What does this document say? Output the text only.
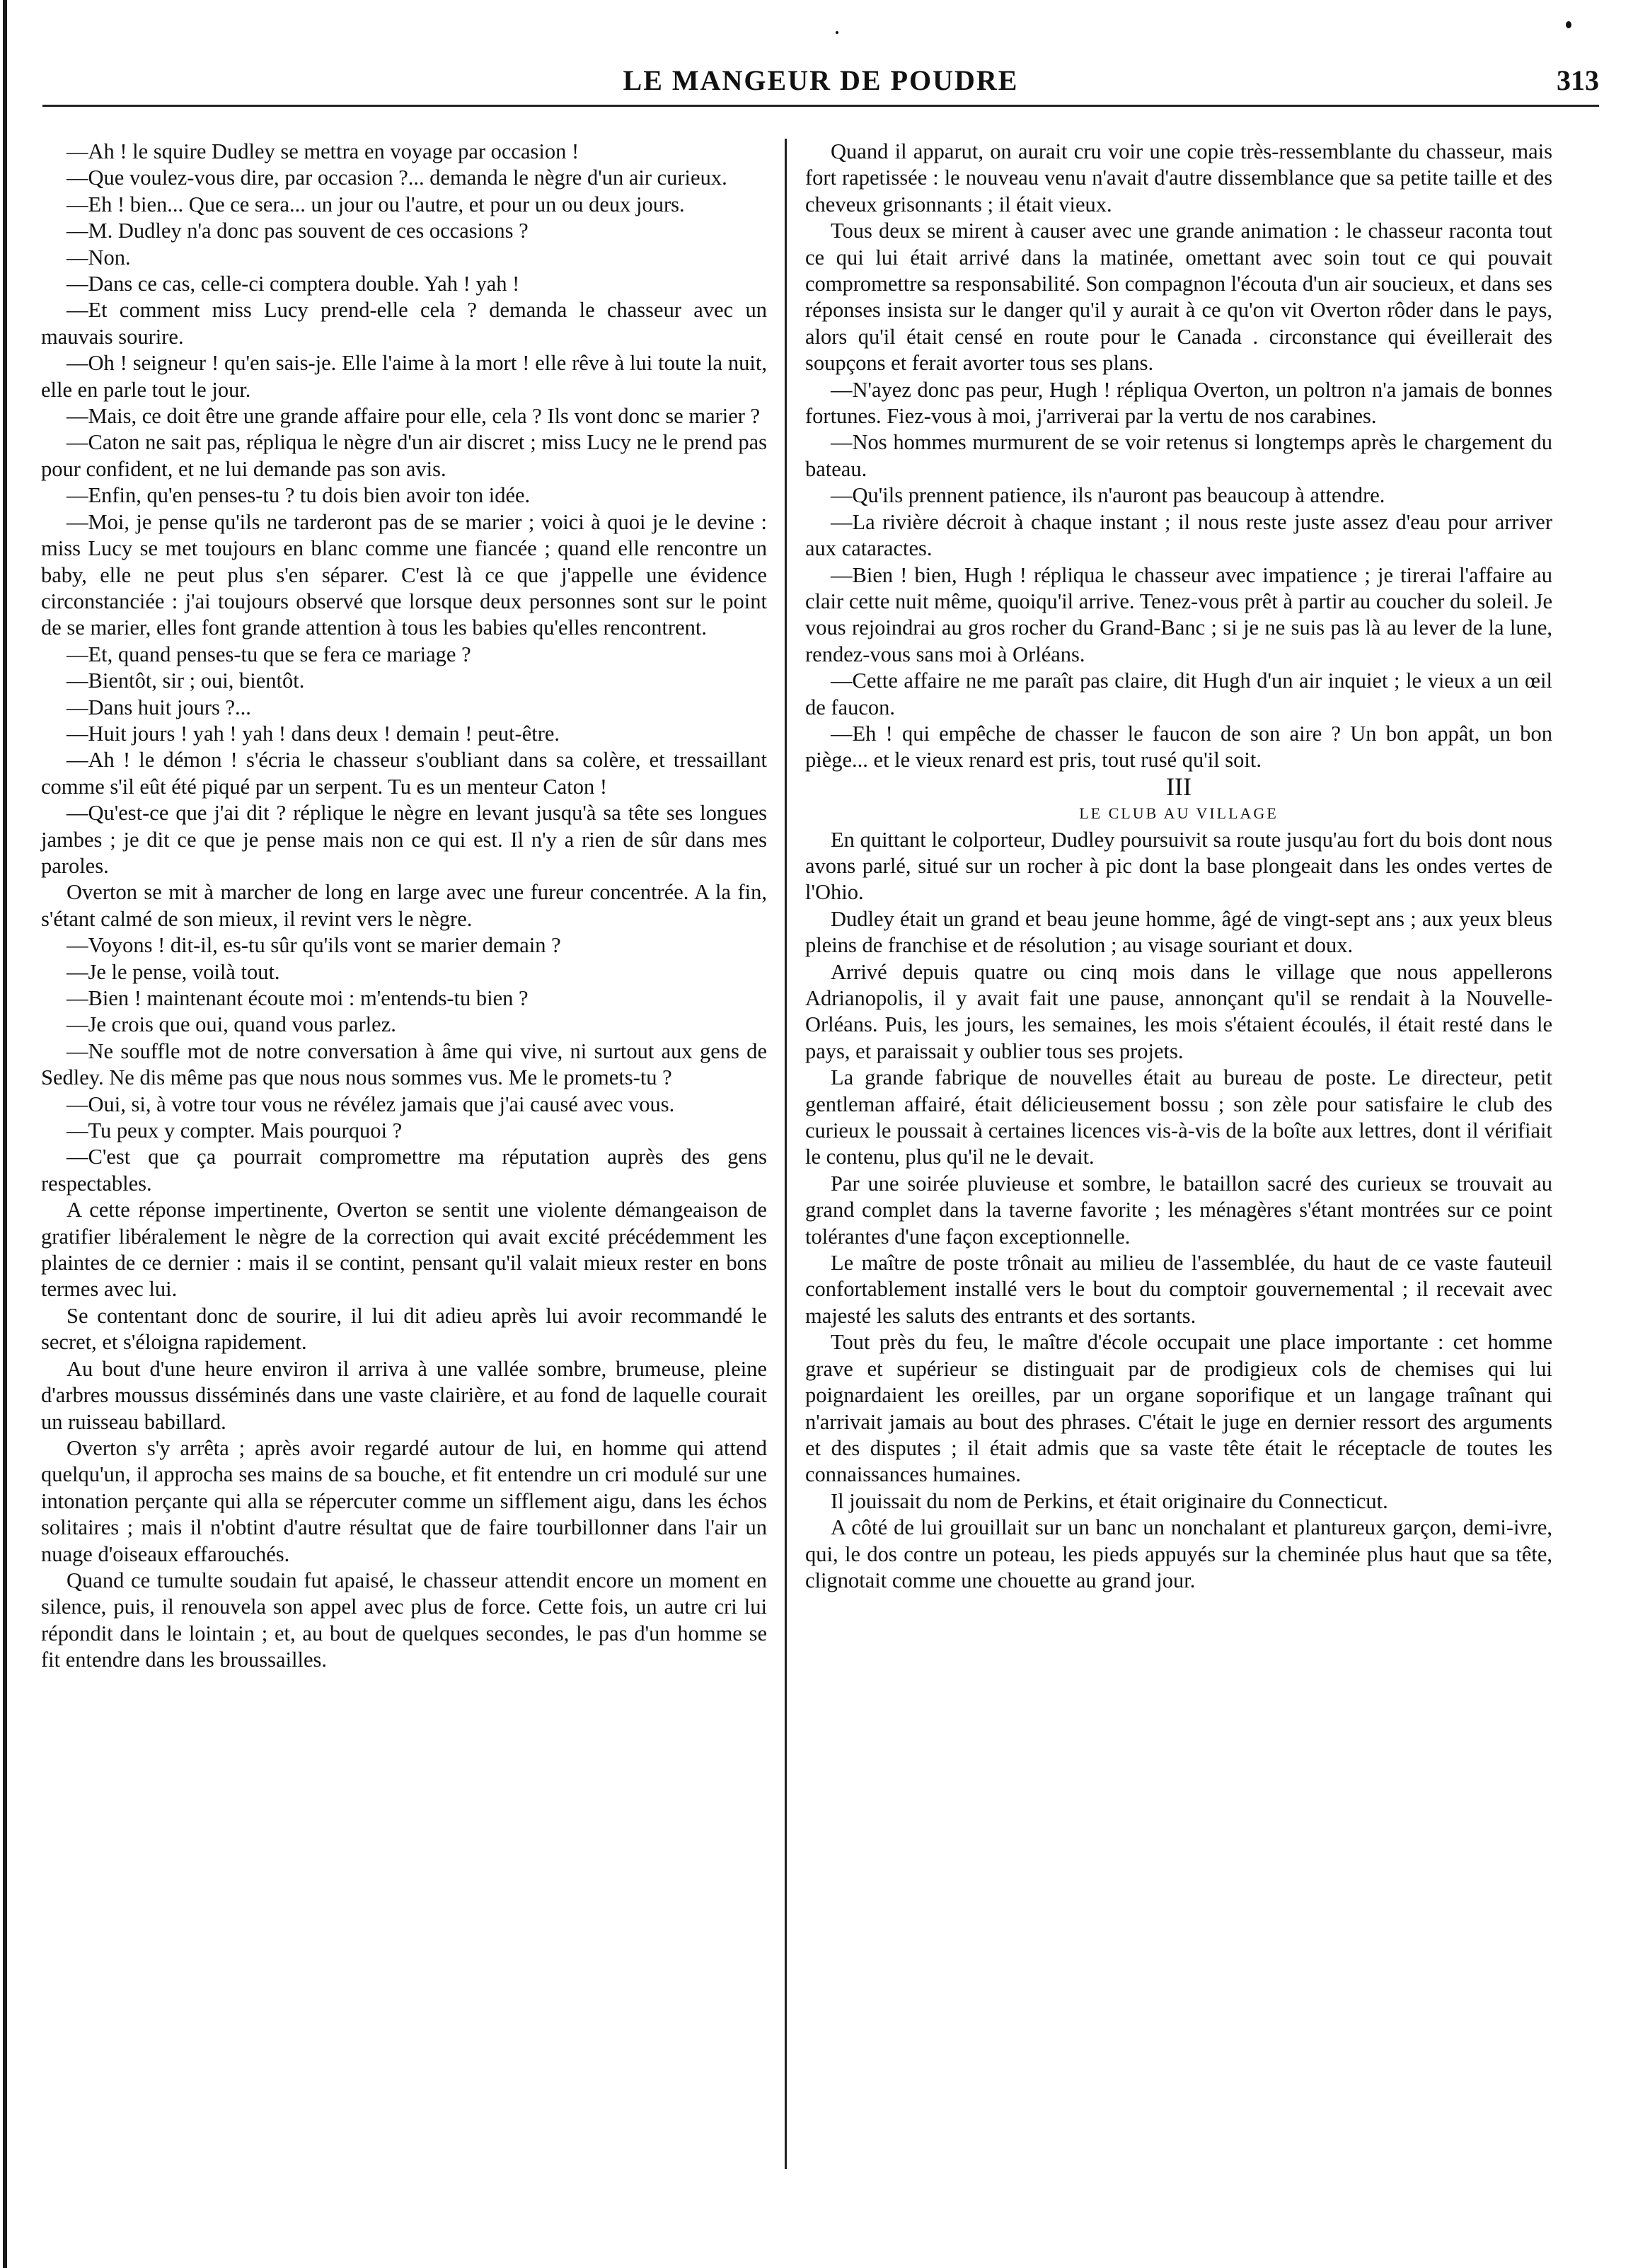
LE MANGEUR DE POUDRE	313

—Ah ! le squire Dudley se mettra en voyage par occasion !

—Que voulez-vous dire, par occasion ?... demanda le nègre d'un air curieux.

—Eh ! bien... Que ce sera... un jour ou l'autre, et pour un ou deux jours.

—M. Dudley n'a donc pas souvent de ces occasions ?

—Non.

—Dans ce cas, celle-ci comptera double. Yah ! yah !

—Et comment miss Lucy prend-elle cela ? demanda le chasseur avec un mauvais sourire.

—Oh ! seigneur ! qu'en sais-je. Elle l'aime à la mort ! elle rêve à lui toute la nuit, elle en parle tout le jour.

—Mais, ce doit être une grande affaire pour elle, cela ? Ils vont donc se marier ?

—Caton ne sait pas, répliqua le nègre d'un air discret ; miss Lucy ne le prend pas pour confident, et ne lui demande pas son avis.

—Enfin, qu'en penses-tu ? tu dois bien avoir ton idée.

—Moi, je pense qu'ils ne tarderont pas de se marier ; voici à quoi je le devine : miss Lucy se met toujours en blanc comme une fiancée ; quand elle rencontre un baby, elle ne peut plus s'en séparer. C'est là ce que j'appelle une évidence circonstanciée : j'ai toujours observé que lorsque deux personnes sont sur le point de se marier, elles font grande attention à tous les babies qu'elles rencontrent.

—Et, quand penses-tu que se fera ce mariage ?

—Bientôt, sir ; oui, bientôt.

—Dans huit jours ?...

—Huit jours ! yah ! yah ! dans deux ! demain ! peut-être.

—Ah ! le démon ! s'écria le chasseur s'oubliant dans sa colère, et tressaillant comme s'il eût été piqué par un serpent. Tu es un menteur Caton !

—Qu'est-ce que j'ai dit ? réplique le nègre en levant jusqu'à sa tête ses longues jambes ; je dit ce que je pense mais non ce qui est. Il n'y a rien de sûr dans mes paroles.

Overton se mit à marcher de long en large avec une fureur concentrée. A la fin, s'étant calmé de son mieux, il revint vers le nègre.

—Voyons ! dit-il, es-tu sûr qu'ils vont se marier demain ?

—Je le pense, voilà tout.

—Bien ! maintenant écoute moi : m'entends-tu bien ?

—Je crois que oui, quand vous parlez.

—Ne souffle mot de notre conversation à âme qui vive, ni surtout aux gens de Sedley. Ne dis même pas que nous nous sommes vus. Me le promets-tu ?

—Oui, si, à votre tour vous ne révélez jamais que j'ai causé avec vous.

—Tu peux y compter. Mais pourquoi ?

—C'est que ça pourrait compromettre ma réputation auprès des gens respectables.

A cette réponse impertinente, Overton se sentit une violente démangeaison de gratifier libéralement le nègre de la correction qui avait excité précédemment les plaintes de ce dernier : mais il se contint, pensant qu'il valait mieux rester en bons termes avec lui.

Se contentant donc de sourire, il lui dit adieu après lui avoir recommandé le secret, et s'éloigna rapidement.

Au bout d'une heure environ il arriva à une vallée sombre, brumeuse, pleine d'arbres moussus disséminés dans une vaste clairière, et au fond de laquelle courait un ruisseau babillard.

Overton s'y arrêta ; après avoir regardé autour de lui, en homme qui attend quelqu'un, il approcha ses mains de sa bouche, et fit entendre un cri modulé sur une intonation perçante qui alla se répercuter comme un sifflement aigu, dans les échos solitaires ; mais il n'obtint d'autre résultat que de faire tourbillonner dans l'air un nuage d'oiseaux effarouchés.

Quand ce tumulte soudain fut apaisé, le chasseur attendit encore un moment en silence, puis, il renouvela son appel avec plus de force. Cette fois, un autre cri lui répondit dans le lointain ; et, au bout de quelques secondes, le pas d'un homme se fit entendre dans les broussailles.

Quand il apparut, on aurait cru voir une copie très-ressemblante du chasseur, mais fort rapetissée : le nouveau venu n'avait d'autre dissemblance que sa petite taille et des cheveux grisonnants ; il était vieux.

Tous deux se mirent à causer avec une grande animation : le chasseur raconta tout ce qui lui était arrivé dans la matinée, omettant avec soin tout ce qui pouvait compromettre sa responsabilité. Son compagnon l'écouta d'un air soucieux, et dans ses réponses insista sur le danger qu'il y aurait à ce qu'on vit Overton rôder dans le pays, alors qu'il était censé en route pour le Canada . circonstance qui éveillerait des soupçons et ferait avorter tous ses plans.

—N'ayez donc pas peur, Hugh ! répliqua Overton, un poltron n'a jamais de bonnes fortunes. Fiez-vous à moi, j'arriverai par la vertu de nos carabines.

—Nos hommes murmurent de se voir retenus si longtemps après le chargement du bateau.

—Qu'ils prennent patience, ils n'auront pas beaucoup à attendre.

—La rivière décroit à chaque instant ; il nous reste juste assez d'eau pour arriver aux cataractes.

—Bien ! bien, Hugh ! répliqua le chasseur avec impatience ; je tirerai l'affaire au clair cette nuit même, quoiqu'il arrive. Tenez-vous prêt à partir au coucher du soleil. Je vous rejoindrai au gros rocher du Grand-Banc ; si je ne suis pas là au lever de la lune, rendez-vous sans moi à Orléans.

—Cette affaire ne me paraît pas claire, dit Hugh d'un air inquiet ; le vieux a un œil de faucon.

—Eh ! qui empêche de chasser le faucon de son aire ? Un bon appât, un bon piège... et le vieux renard est pris, tout rusé qu'il soit.

III

LE CLUB AU VILLAGE

En quittant le colporteur, Dudley poursuivit sa route jusqu'au fort du bois dont nous avons parlé, situé sur un rocher à pic dont la base plongeait dans les ondes vertes de l'Ohio.

Dudley était un grand et beau jeune homme, âgé de vingt-sept ans ; aux yeux bleus pleins de franchise et de résolution ; au visage souriant et doux.

Arrivé depuis quatre ou cinq mois dans le village que nous appellerons Adrianopolis, il y avait fait une pause, annonçant qu'il se rendait à la Nouvelle-Orléans. Puis, les jours, les semaines, les mois s'étaient écoulés, il était resté dans le pays, et paraissait y oublier tous ses projets.

La grande fabrique de nouvelles était au bureau de poste. Le directeur, petit gentleman affairé, était délicieusement bossu ; son zèle pour satisfaire le club des curieux le poussait à certaines licences vis-à-vis de la boîte aux lettres, dont il vérifiait le contenu, plus qu'il ne le devait.

Par une soirée pluvieuse et sombre, le bataillon sacré des curieux se trouvait au grand complet dans la taverne favorite ; les ménagères s'étant montrées sur ce point tolérantes d'une façon exceptionnelle.

Le maître de poste trônait au milieu de l'assemblée, du haut de ce vaste fauteuil confortablement installé vers le bout du comptoir gouvernemental ; il recevait avec majesté les saluts des entrants et des sortants.

Tout près du feu, le maître d'école occupait une place importante : cet homme grave et supérieur se distinguait par de prodigieux cols de chemises qui lui poignardaient les oreilles, par un organe soporifique et un langage traînant qui n'arrivait jamais au bout des phrases. C'était le juge en dernier ressort des arguments et des disputes ; il était admis que sa vaste tête était le réceptacle de toutes les connaissances humaines.

Il jouissait du nom de Perkins, et était originaire du Connecticut.

A côté de lui grouillait sur un banc un nonchalant et plantureux garçon, demi-ivre, qui, le dos contre un poteau, les pieds appuyés sur la cheminée plus haut que sa tête, clignotait comme une chouette au grand jour.
